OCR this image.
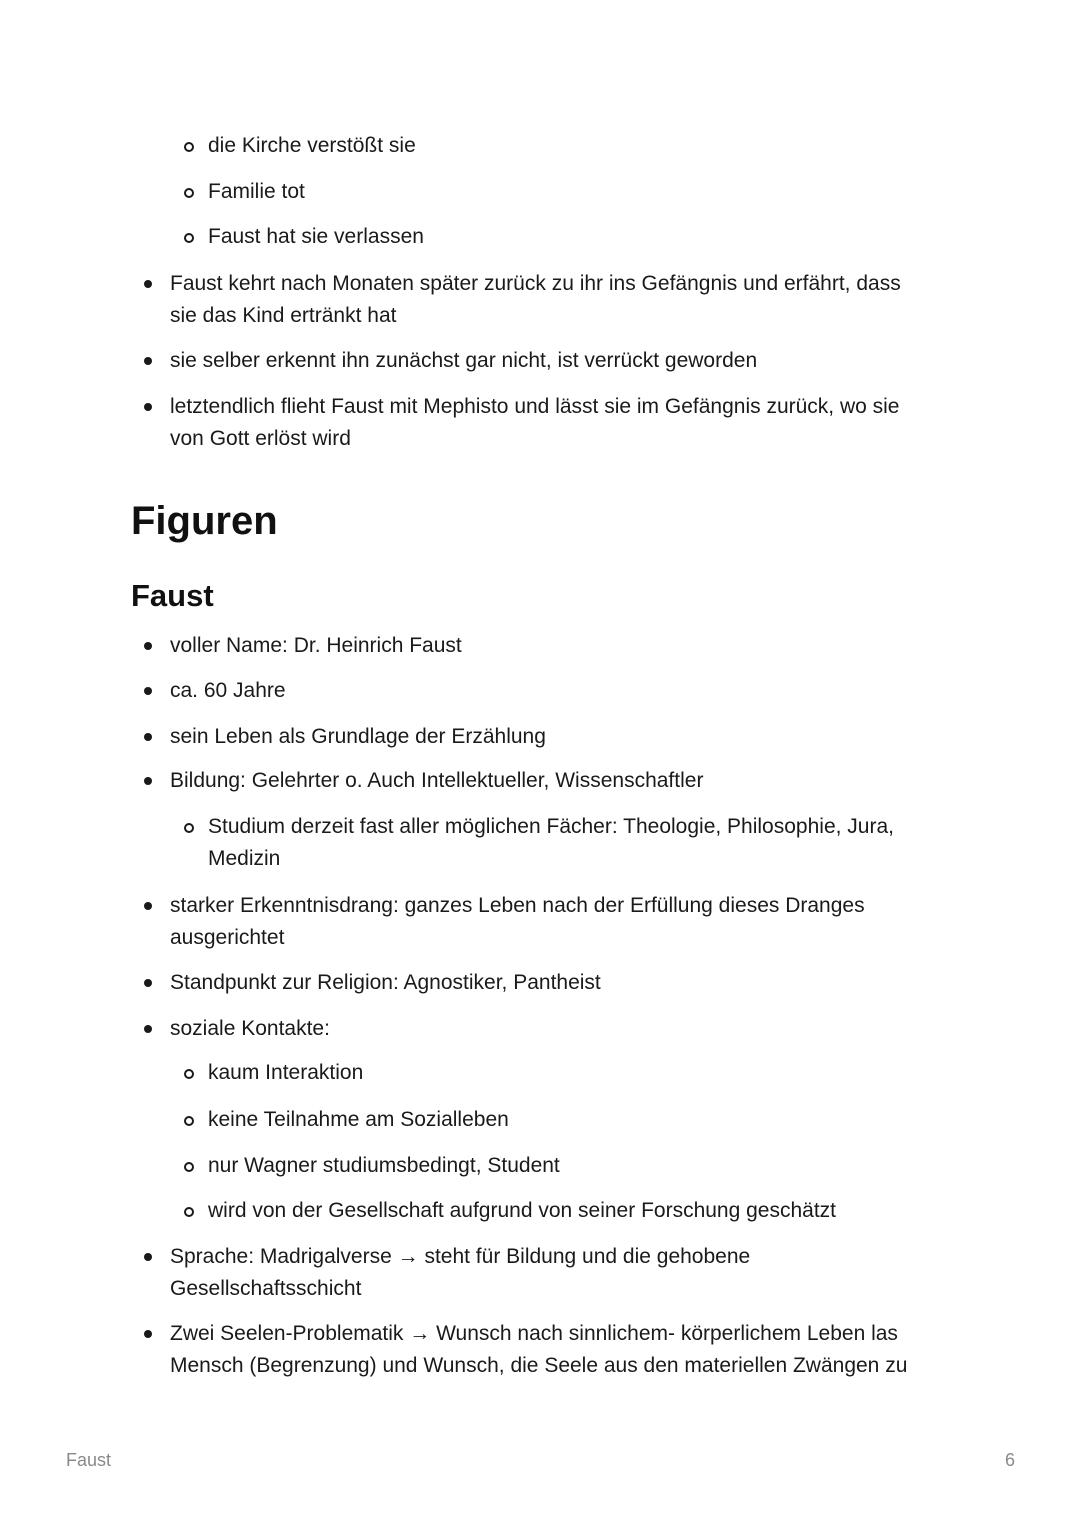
die Kirche verstößt sie
Familie tot
Faust hat sie verlassen
Faust kehrt nach Monaten später zurück zu ihr ins Gefängnis und erfährt, dass
sie das Kind ertränkt hat
sie selber erkennt ihn zunächst gar nicht, ist verrückt geworden
letztendlich flieht Faust mit Mephisto und lässt sie im Gefängnis zurück, wo sie
von Gott erlöst wird
Figuren
Faust
voller Name: Dr. Heinrich Faust
ca. 60 Jahre
sein Leben als Grundlage der Erzählung
Bildung: Gelehrter o. Auch Intellektueller, Wissenschaftler
Studium derzeit fast aller möglichen Fächer: Theologie, Philosophie, Jura,
Medizin
starker Erkenntnisdrang: ganzes Leben nach der Erfüllung dieses Dranges
ausgerichtet
Standpunkt zur Religion: Agnostiker, Pantheist
soziale Kontakte:
kaum Interaktion
keine Teilnahme am Sozialleben
nur Wagner studiumsbedingt, Student
wird von der Gesellschaft aufgrund von seiner Forschung geschätzt
Sprache: Madrigalverse → steht für Bildung und die gehobene
Gesellschaftsschicht
Zwei Seelen-Problematik → Wunsch nach sinnlichem- körperlichem Leben las
Mensch (Begrenzung) und Wunsch, die Seele aus den materiellen Zwängen zu
Faust	6
